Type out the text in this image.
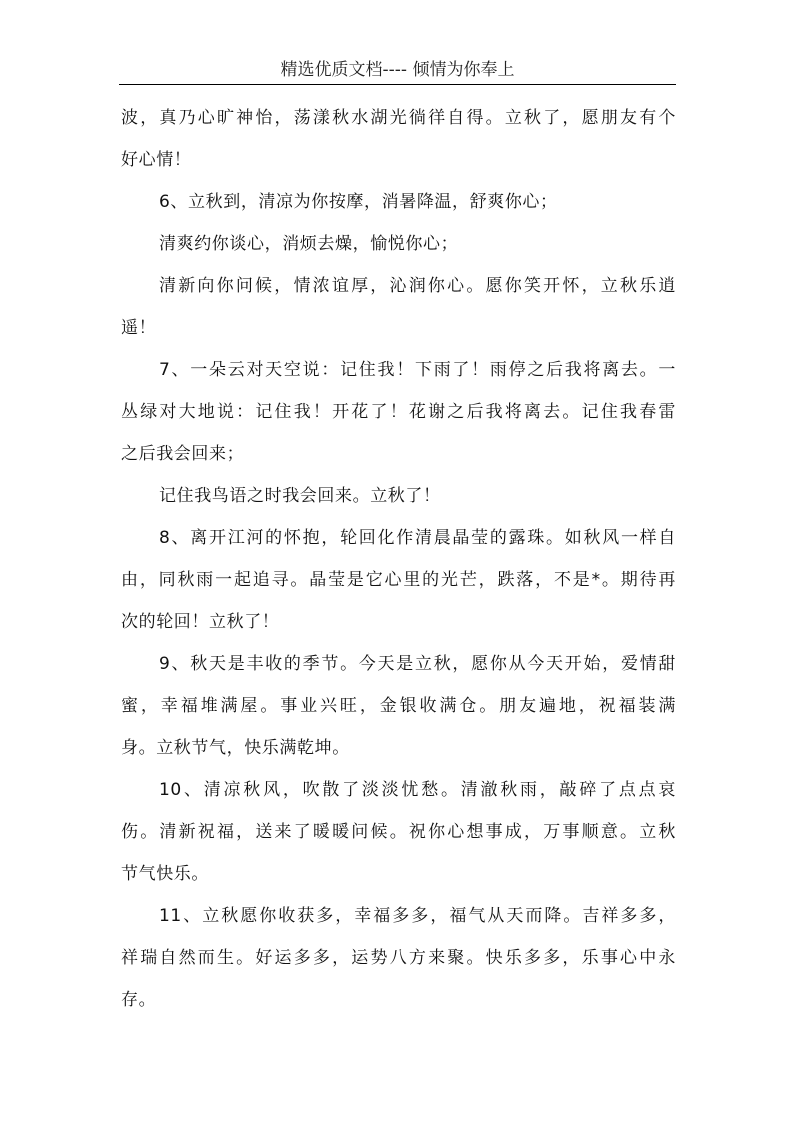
精选优质文档---- 倾情为你奉上
波，真乃心旷神怡，荡漾秋水湖光徜徉自得。立秋了，愿朋友有个
好心情！
6、立秋到，清凉为你按摩，消暑降温，舒爽你心；
清爽约你谈心，消烦去燥，愉悦你心；
清新向你问候，情浓谊厚，沁润你心。愿你笑开怀，立秋乐逍
遥！
7、一朵云对天空说：记住我！下雨了！雨停之后我将离去。一
丛绿对大地说：记住我！开花了！花谢之后我将离去。记住我春雷
之后我会回来；
记住我鸟语之时我会回来。立秋了！
8、离开江河的怀抱，轮回化作清晨晶莹的露珠。如秋风一样自
由，同秋雨一起追寻。晶莹是它心里的光芒，跌落，不是*。期待再
次的轮回！立秋了！
9、秋天是丰收的季节。今天是立秋，愿你从今天开始，爱情甜
蜜，幸福堆满屋。事业兴旺，金银收满仓。朋友遍地，祝福装满
身。立秋节气，快乐满乾坤。
10、清凉秋风，吹散了淡淡忧愁。清澈秋雨，敲碎了点点哀
伤。清新祝福，送来了暖暖问候。祝你心想事成，万事顺意。立秋
节气快乐。
11、立秋愿你收获多，幸福多多，福气从天而降。吉祥多多，
祥瑞自然而生。好运多多，运势八方来聚。快乐多多，乐事心中永
存。
